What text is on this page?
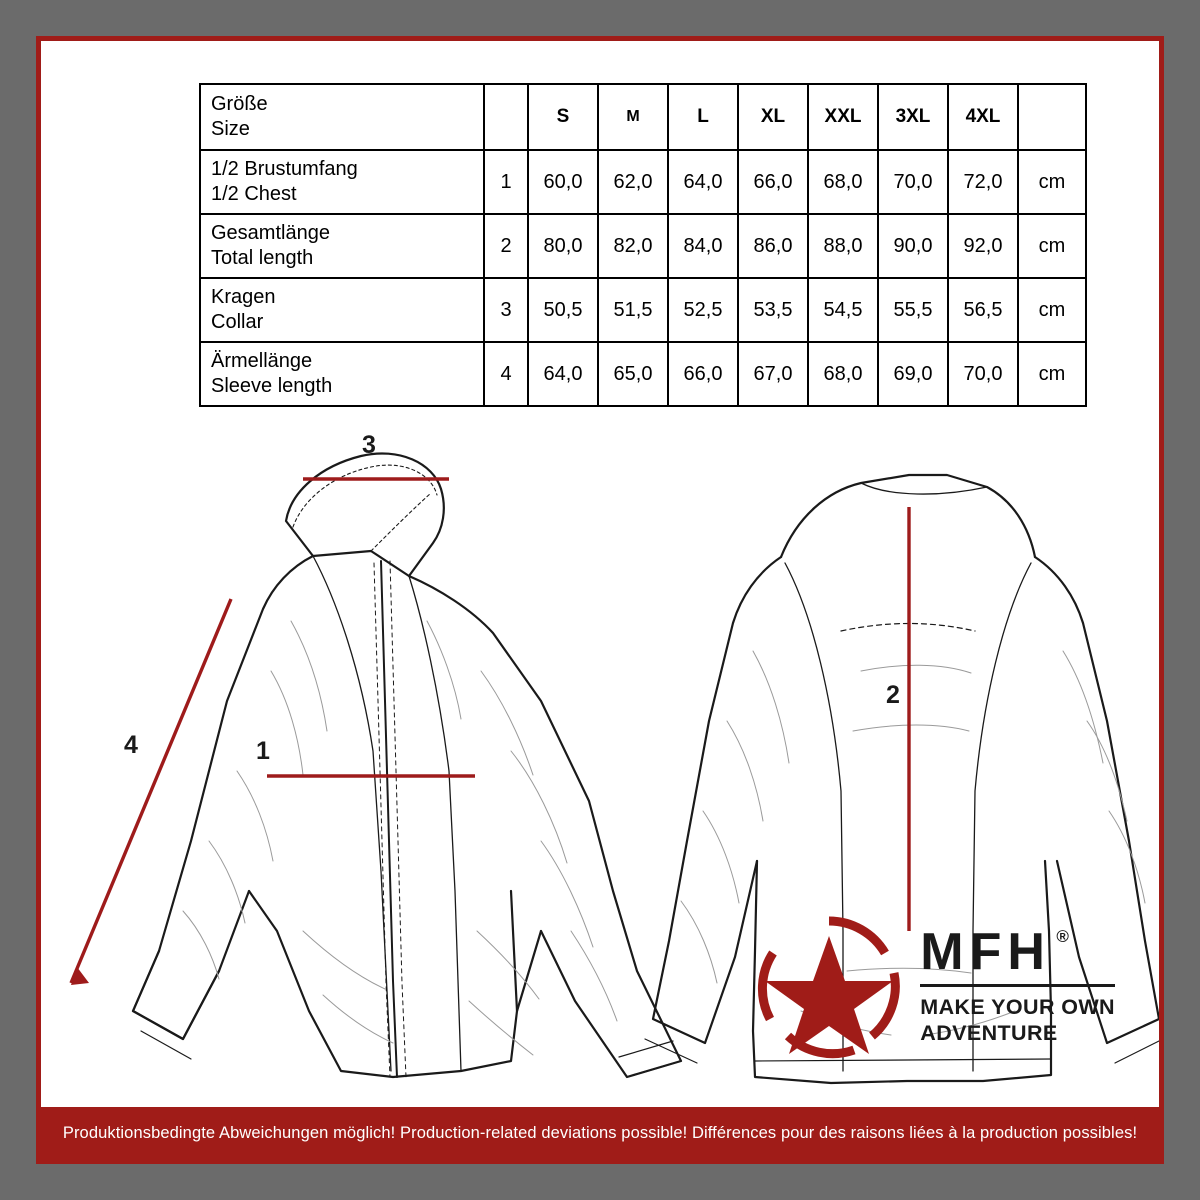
Größe
Size		S	M	L	XL	XXL	3XL	4XL	

1/2 Brustumfang
1/2 Chest	1	60,0	62,0	64,0	66,0	68,0	70,0	72,0	cm

Gesamtlänge
Total length	2	80,0	82,0	84,0	86,0	88,0	90,0	92,0	cm

Kragen
Collar	3	50,5	51,5	52,5	53,5	54,5	55,5	56,5	cm

Ärmellänge
Sleeve length	4	64,0	65,0	66,0	67,0	68,0	69,0	70,0	cm
3
1
4
2
MFH ®
MAKE YOUR OWN
ADVENTURE
Produktionsbedingte Abweichungen möglich! Production-related deviations possible! Différences pour des raisons liées à la production possibles!
